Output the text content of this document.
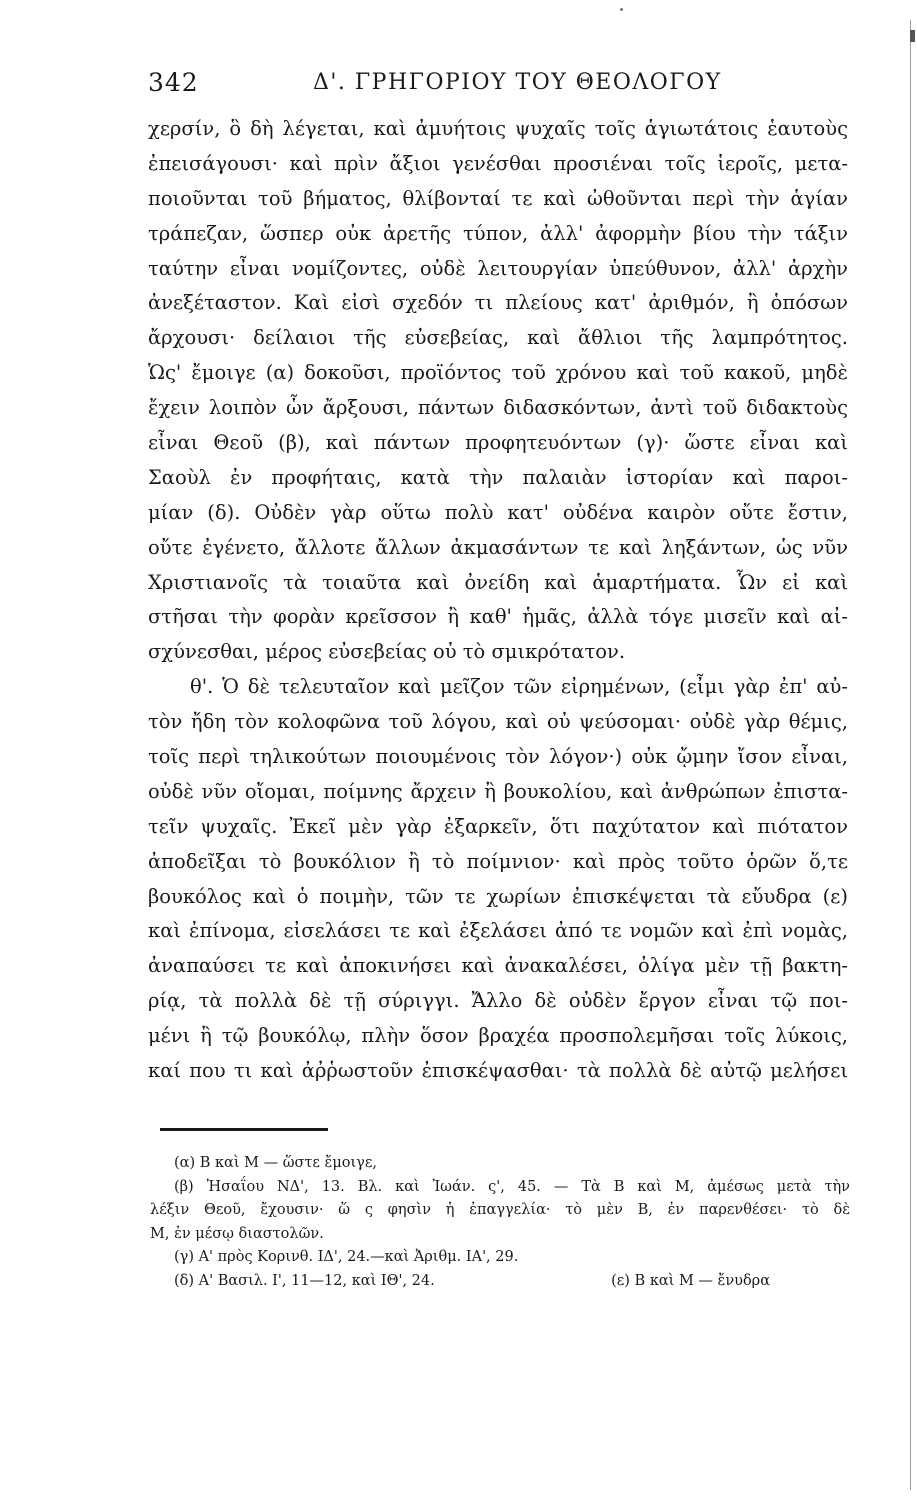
342	Δ'. ΓΡΗΓΟΡΙΟΥ ΤΟΥ ΘΕΟΛΟΓΟΥ
χερσίν, ὃ δὴ λέγεται, καὶ ἀμυήτοις ψυχαῖς τοῖς ἁγιωτάτοις ἑαυτοὺς
ἐπεισάγουσι· καὶ πρὶν ἄξιοι γενέσθαι προσιέναι τοῖς ἱεροῖς, μετα-
ποιοῦνται τοῦ βήματος, θλίβονταί τε καὶ ὠθοῦνται περὶ τὴν ἁγίαν
τράπεζαν, ὥσπερ οὐκ ἀρετῆς τύπον, ἀλλ' ἀφορμὴν βίου τὴν τάξιν
ταύτην εἶναι νομίζοντες, οὐδὲ λειτουργίαν ὑπεύθυνον, ἀλλ' ἀρχὴν
ἀνεξέταστον. Καὶ εἰσὶ σχεδόν τι πλείους κατ' ἀριθμόν, ἢ ὁπόσων
ἄρχουσι· δείλαιοι τῆς εὐσεβείας, καὶ ἄθλιοι τῆς λαμπρότητος.
Ὡς' ἔμοιγε (α) δοκοῦσι, προϊόντος τοῦ χρόνου καὶ τοῦ κακοῦ, μηδὲ
ἔχειν λοιπὸν ὧν ἄρξουσι, πάντων διδασκόντων, ἀντὶ τοῦ διδακτοὺς
εἶναι Θεοῦ (β), καὶ πάντων προφητευόντων (γ)· ὥστε εἶναι καὶ
Σαοὺλ ἐν προφήταις, κατὰ τὴν παλαιὰν ἱστορίαν καὶ παροι-
μίαν (δ). Οὐδὲν γὰρ οὕτω πολὺ κατ' οὐδένα καιρὸν οὔτε ἔστιν,
οὔτε ἐγένετο, ἄλλοτε ἄλλων ἀκμασάντων τε καὶ ληξάντων, ὡς νῦν
Χριστιανοῖς τὰ τοιαῦτα καὶ ὀνείδη καὶ ἁμαρτήματα. Ὧν εἰ καὶ
στῆσαι τὴν φορὰν κρεῖσσον ἢ καθ' ἡμᾶς, ἀλλὰ τόγε μισεῖν καὶ αἰ-
σχύνεσθαι, μέρος εὐσεβείας οὐ τὸ σμικρότατον.
θ'. Ὁ δὲ τελευταῖον καὶ μεῖζον τῶν εἰρημένων, (εἶμι γὰρ ἐπ' αὐ-
τὸν ἤδη τὸν κολοφῶνα τοῦ λόγου, καὶ οὐ ψεύσομαι· οὐδὲ γὰρ θέμις,
τοῖς περὶ τηλικούτων ποιουμένοις τὸν λόγον·) οὐκ ᾤμην ἴσον εἶναι,
οὐδὲ νῦν οἴομαι, ποίμνης ἄρχειν ἢ βουκολίου, καὶ ἀνθρώπων ἐπιστα-
τεῖν ψυχαῖς. Ἐκεῖ μὲν γὰρ ἐξαρκεῖν, ὅτι παχύτατον καὶ πιότατον
ἀποδεῖξαι τὸ βουκόλιον ἢ τὸ ποίμνιον· καὶ πρὸς τοῦτο ὁρῶν ὅ,τε
βουκόλος καὶ ὁ ποιμὴν, τῶν τε χωρίων ἐπισκέψεται τὰ εὔυδρα (ε)
καὶ ἐπίνομα, εἰσελάσει τε καὶ ἐξελάσει ἀπό τε νομῶν καὶ ἐπὶ νομὰς,
ἀναπαύσει τε καὶ ἀποκινήσει καὶ ἀνακαλέσει, ὀλίγα μὲν τῇ βακτη-
ρίᾳ, τὰ πολλὰ δὲ τῇ σύριγγι. Ἄλλο δὲ οὐδὲν ἔργον εἶναι τῷ ποι-
μένι ἢ τῷ βουκόλῳ, πλὴν ὅσον βραχέα προσπολεμῆσαι τοῖς λύκοις,
καί που τι καὶ ἀῤῥωστοῦν ἐπισκέψασθαι· τὰ πολλὰ δὲ αὐτῷ μελήσει
(α) Β καὶ Μ — ὥστε ἔμοιγε,
(β) Ἠσαΐου ΝΔ', 13. Βλ. καὶ Ἰωάν. ς', 45. — Τὰ Β καὶ Μ, ἀμέσως μετὰ τὴν
λέξιν Θεοῦ, ἔχουσιν· ὥ ς φησὶν ἡ ἐπαγγελία· τὸ μὲν Β, ἐν παρενθέσει· τὸ δὲ
Μ, ἐν μέσῳ διαστολῶν.
(γ) Α' πρὸς Κορινθ. ΙΔ', 24.—καὶ Ἀριθμ. ΙΑ', 29.
(δ) Α' Βασιλ. Ι', 11—12, καὶ ΙΘ', 24.	(ε) Β καὶ Μ — ἔνυδρα
